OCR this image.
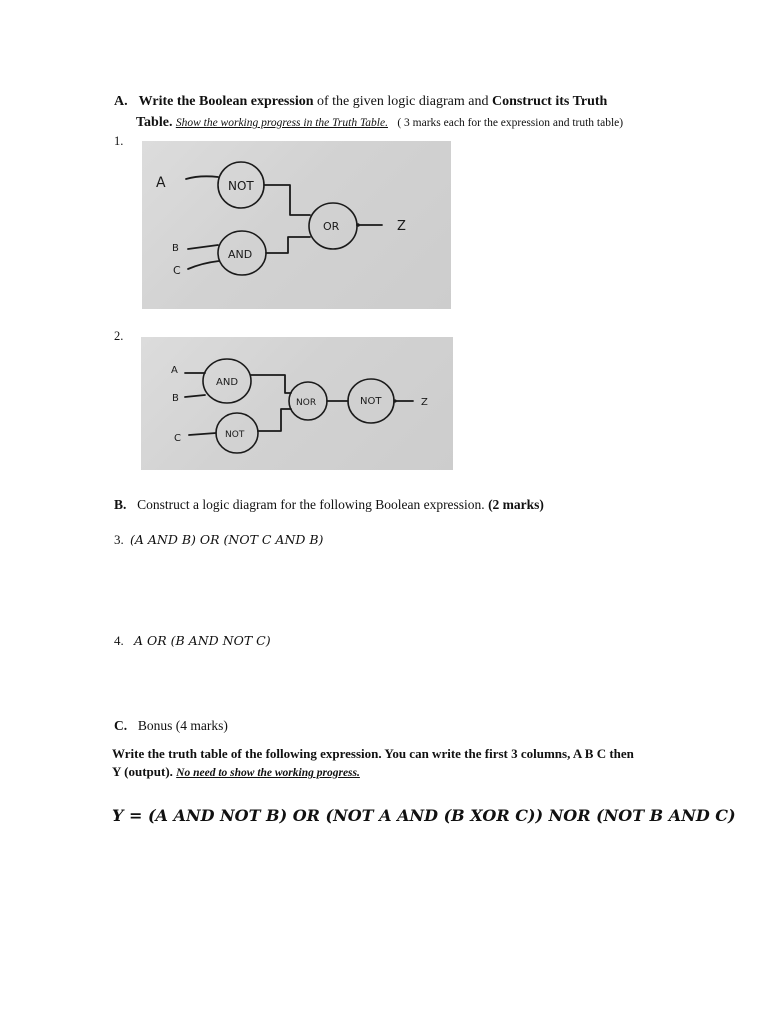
A. Write the Boolean expression of the given logic diagram and Construct its Truth
Table. Show the working progress in the Truth Table. ( 3 marks each for the expression and truth table)
1.
A
B
C
NOT
AND
OR	Z
2.
A
B
C
AND
NOT
NOR	NOT	Z
B. Construct a logic diagram for the following Boolean expression. (2 marks)
3. (A AND B) OR (NOT C AND B)
4. A OR (B AND NOT C)
C. Bonus (4 marks)
Write the truth table of the following expression. You can write the first 3 columns, A B C then
Y (output). No need to show the working progress.
Y = (A AND NOT B) OR (NOT A AND (B XOR C)) NOR (NOT B AND C)
